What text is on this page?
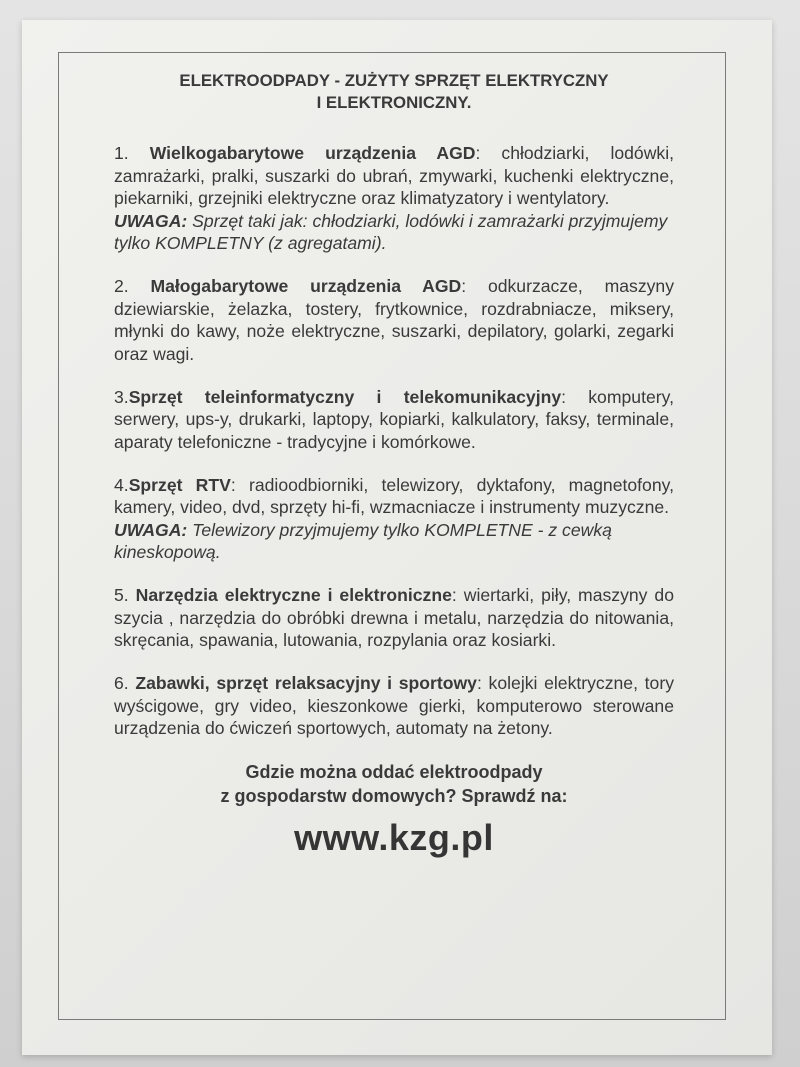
ELEKTROODPADY - ZUŻYTY SPRZĘT ELEKTRYCZNY
I ELEKTRONICZNY.
1. Wielkogabarytowe urządzenia AGD: chłodziarki, lodówki, zamrażarki, pralki, suszarki do ubrań, zmywarki, kuchenki elektryczne, piekarniki, grzejniki elektryczne oraz klimatyzatory i wentylatory.
UWAGA: Sprzęt taki jak: chłodziarki, lodówki i zamrażarki przyjmujemy tylko KOMPLETNY (z agregatami).
2. Małogabarytowe urządzenia AGD: odkurzacze, maszyny dziewiarskie, żelazka, tostery, frytkownice, rozdrabniacze, miksery, młynki do kawy, noże elektryczne, suszarki, depilatory, golarki, zegarki oraz wagi.
3.Sprzęt teleinformatyczny i telekomunikacyjny: komputery, serwery, ups-y, drukarki, laptopy, kopiarki, kalkulatory, faksy, terminale, aparaty telefoniczne - tradycyjne i komórkowe.
4.Sprzęt RTV: radioodbiorniki, telewizory, dyktafony, magnetofony, kamery, video, dvd, sprzęty hi-fi, wzmacniacze i instrumenty muzyczne.
UWAGA: Telewizory przyjmujemy tylko KOMPLETNE - z cewką kineskopową.
5. Narzędzia elektryczne i elektroniczne: wiertarki, piły, maszyny do szycia , narzędzia do obróbki drewna i metalu, narzędzia do nitowania, skręcania, spawania, lutowania, rozpylania oraz kosiarki.
6. Zabawki, sprzęt relaksacyjny i sportowy: kolejki elektryczne, tory wyścigowe, gry video, kieszonkowe gierki, komputerowo sterowane urządzenia do ćwiczeń sportowych, automaty na żetony.
Gdzie można oddać elektroodpady
z gospodarstw domowych? Sprawdź na:
www.kzg.pl
